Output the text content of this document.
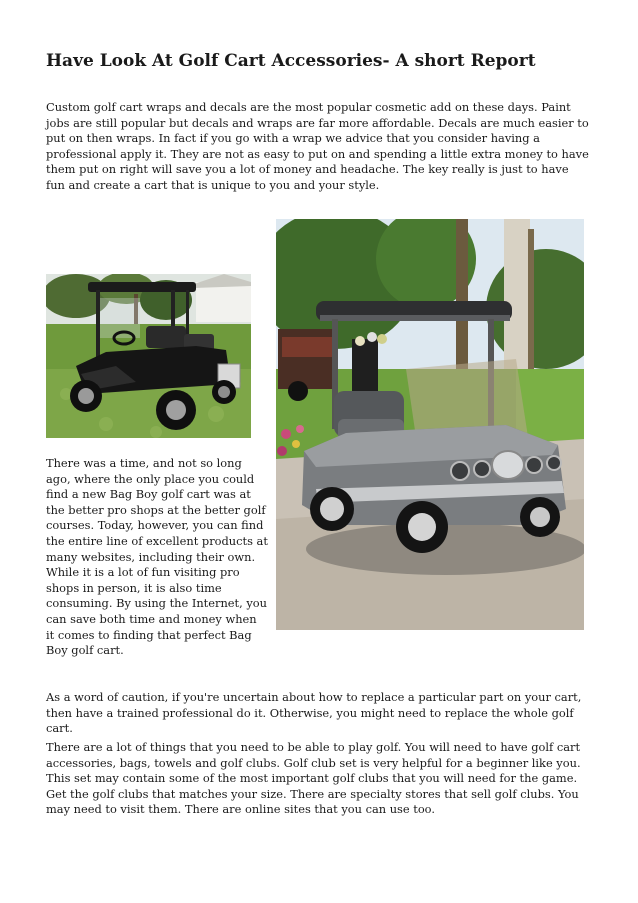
Have Look At Golf Cart Accessories- A short Report

Custom golf cart wraps and decals are the most popular cosmetic add on these days. Paint jobs are still popular but decals and wraps are far more affordable. Decals are much easier to put on then wraps. In fact if you go with a wrap we advice that you consider having a professional apply it. They are not as easy to put on and spending a little extra money to have them put on right will save you a lot of money and headache. The key really is just to have fun and create a cart that is unique to you and your style.

There was a time, and not so long ago, where the only place you could find a new Bag Boy golf cart was at the better pro shops at the better golf courses. Today, however, you can find the entire line of excellent products at many websites, including their own. While it is a lot of fun visiting pro shops in person, it is also time consuming. By using the Internet, you can save both time and money when it comes to finding that perfect Bag Boy golf cart.

As a word of caution, if you're uncertain about how to replace a particular part on your cart, then have a trained professional do it. Otherwise, you might need to replace the whole golf cart.

There are a lot of things that you need to be able to play golf. You will need to have golf cart accessories, bags, towels and golf clubs. Golf club set is very helpful for a beginner like you. This set may contain some of the most important golf clubs that you will need for the game. Get the golf clubs that matches your size. There are specialty stores that sell golf clubs. You may need to visit them. There are online sites that you can use too.
